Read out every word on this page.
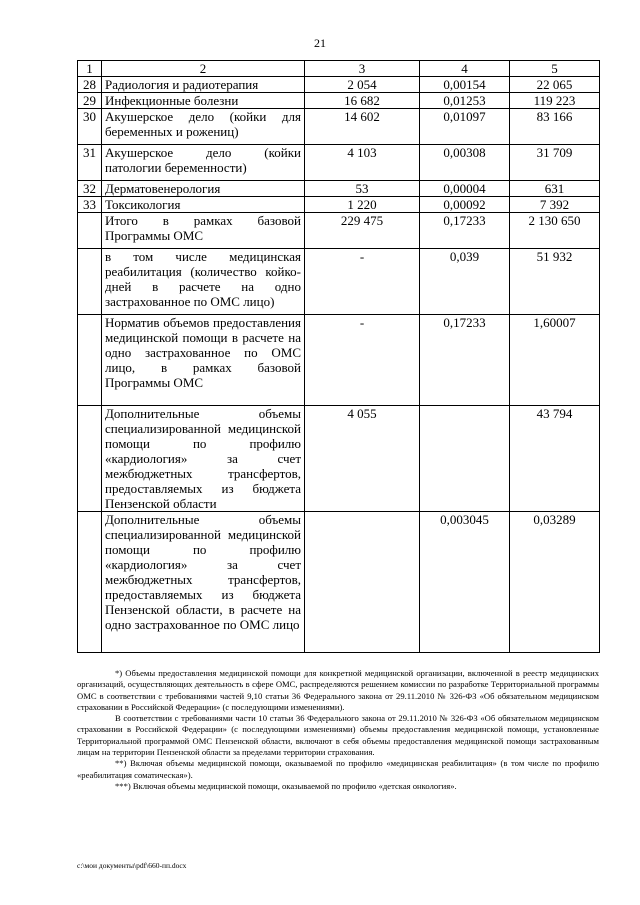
21
1	2	3	4	5
28	Радиология и радиотерапия	2 054	0,00154	22 065
29	Инфекционные болезни	16 682	0,01253	119 223
30	Акушерское дело (койки для беременных и рожениц)	14 602	0,01097	83 166
31	Акушерское дело (койки патологии беременности)	4 103	0,00308	31 709
32	Дерматовенерология	53	0,00004	631
33	Токсикология	1 220	0,00092	7 392
	Итого в рамках базовой Программы ОМС	229 475	0,17233	2 130 650
	в том числе медицинская реабилитация (количество койко-дней в расчете на одно застрахованное по ОМС лицо)	-	0,039	51 932
	Норматив объемов предоставления медицинской помощи в расчете на одно застрахованное по ОМС лицо, в рамках базовой Программы ОМС	-	0,17233	1,60007
	Дополнительные объемы специализированной медицинской помощи по профилю «кардиология» за счет межбюджетных трансфертов, предоставляемых из бюджета Пензенской области	4 055		43 794
	Дополнительные объемы специализированной медицинской помощи по профилю «кардиология» за счет межбюджетных трансфертов, предоставляемых из бюджета Пензенской области, в расчете на одно застрахованное по ОМС лицо		0,003045	0,03289

*) Объемы предоставления медицинской помощи для конкретной медицинской организации, включенной в реестр медицинских организаций, осуществляющих деятельность в сфере ОМС, распределяются решением комиссии по разработке Территориальной программы ОМС в соответствии с требованиями частей 9,10 статьи 36 Федерального закона от 29.11.2010 № 326-ФЗ «Об обязательном медицинском страховании в Российской Федерации» (с последующими изменениями).

В соответствии с требованиями части 10 статьи 36 Федерального закона от 29.11.2010 № 326-ФЗ «Об обязательном медицинском страховании в Российской Федерации» (с последующими изменениями) объемы предоставления медицинской помощи, установленные Территориальной программой ОМС Пензенской области, включают в себя объемы предоставления медицинской помощи застрахованным лицам на территории Пензенской области за пределами территории страхования.

**) Включая объемы медицинской помощи, оказываемой по профилю «медицинская реабилитация» (в том числе по профилю «реабилитация соматическая»).

***) Включая объемы медицинской помощи, оказываемой по профилю «детская онкология».

c:\мои документы\pdf\660-пп.docx
